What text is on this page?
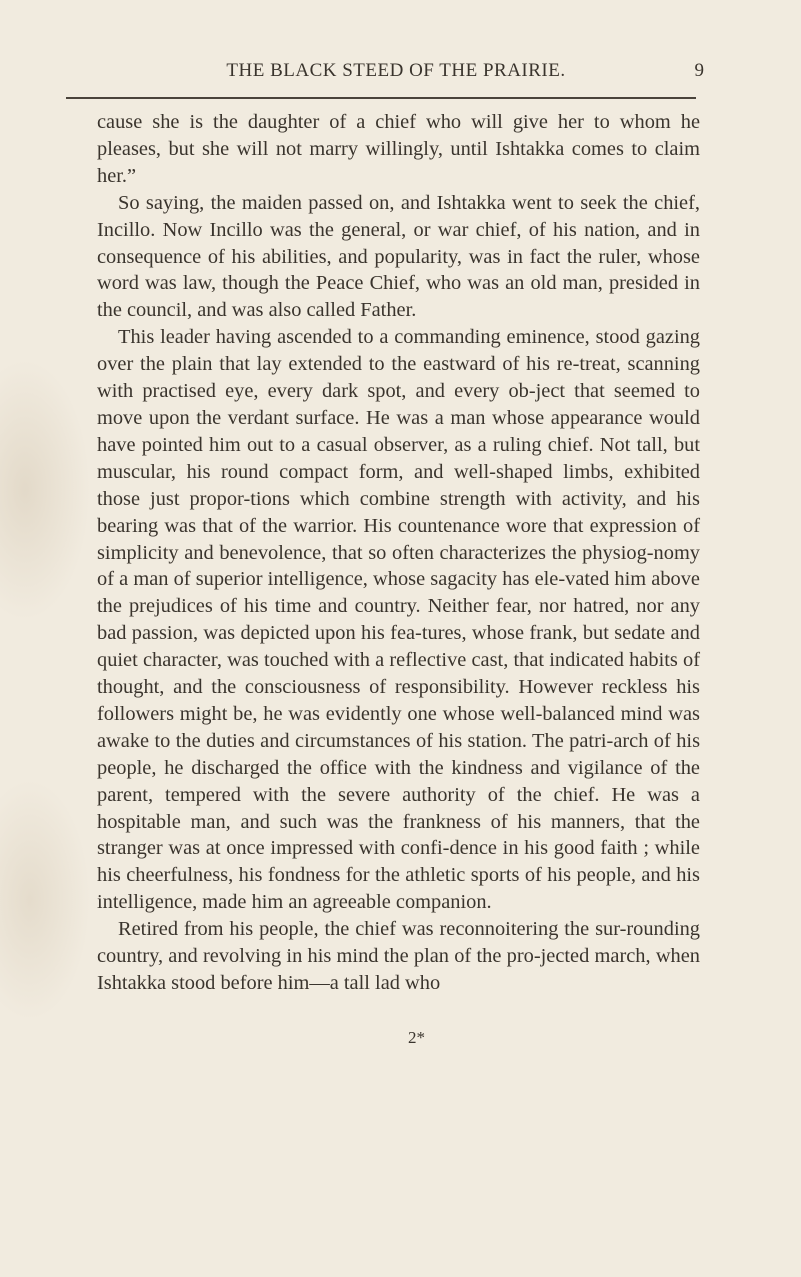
THE BLACK STEED OF THE PRAIRIE.	9

cause she is the daughter of a chief who will give her to whom he pleases, but she will not marry willingly, until Ishtakka comes to claim her.”

So saying, the maiden passed on, and Ishtakka went to seek the chief, Incillo. Now Incillo was the general, or war chief, of his nation, and in consequence of his abilities, and popularity, was in fact the ruler, whose word was law, though the Peace Chief, who was an old man, presided in the council, and was also called Father.

This leader having ascended to a commanding eminence, stood gazing over the plain that lay extended to the eastward of his re-treat, scanning with practised eye, every dark spot, and every ob-ject that seemed to move upon the verdant surface. He was a man whose appearance would have pointed him out to a casual observer, as a ruling chief. Not tall, but muscular, his round compact form, and well-shaped limbs, exhibited those just propor-tions which combine strength with activity, and his bearing was that of the warrior. His countenance wore that expression of simplicity and benevolence, that so often characterizes the physiog-nomy of a man of superior intelligence, whose sagacity has ele-vated him above the prejudices of his time and country. Neither fear, nor hatred, nor any bad passion, was depicted upon his fea-tures, whose frank, but sedate and quiet character, was touched with a reflective cast, that indicated habits of thought, and the consciousness of responsibility. However reckless his followers might be, he was evidently one whose well-balanced mind was awake to the duties and circumstances of his station. The patri-arch of his people, he discharged the office with the kindness and vigilance of the parent, tempered with the severe authority of the chief. He was a hospitable man, and such was the frankness of his manners, that the stranger was at once impressed with confi-dence in his good faith ; while his cheerfulness, his fondness for the athletic sports of his people, and his intelligence, made him an agreeable companion.

Retired from his people, the chief was reconnoitering the sur-rounding country, and revolving in his mind the plan of the pro-jected march, when Ishtakka stood before him—a tall lad who

2*
